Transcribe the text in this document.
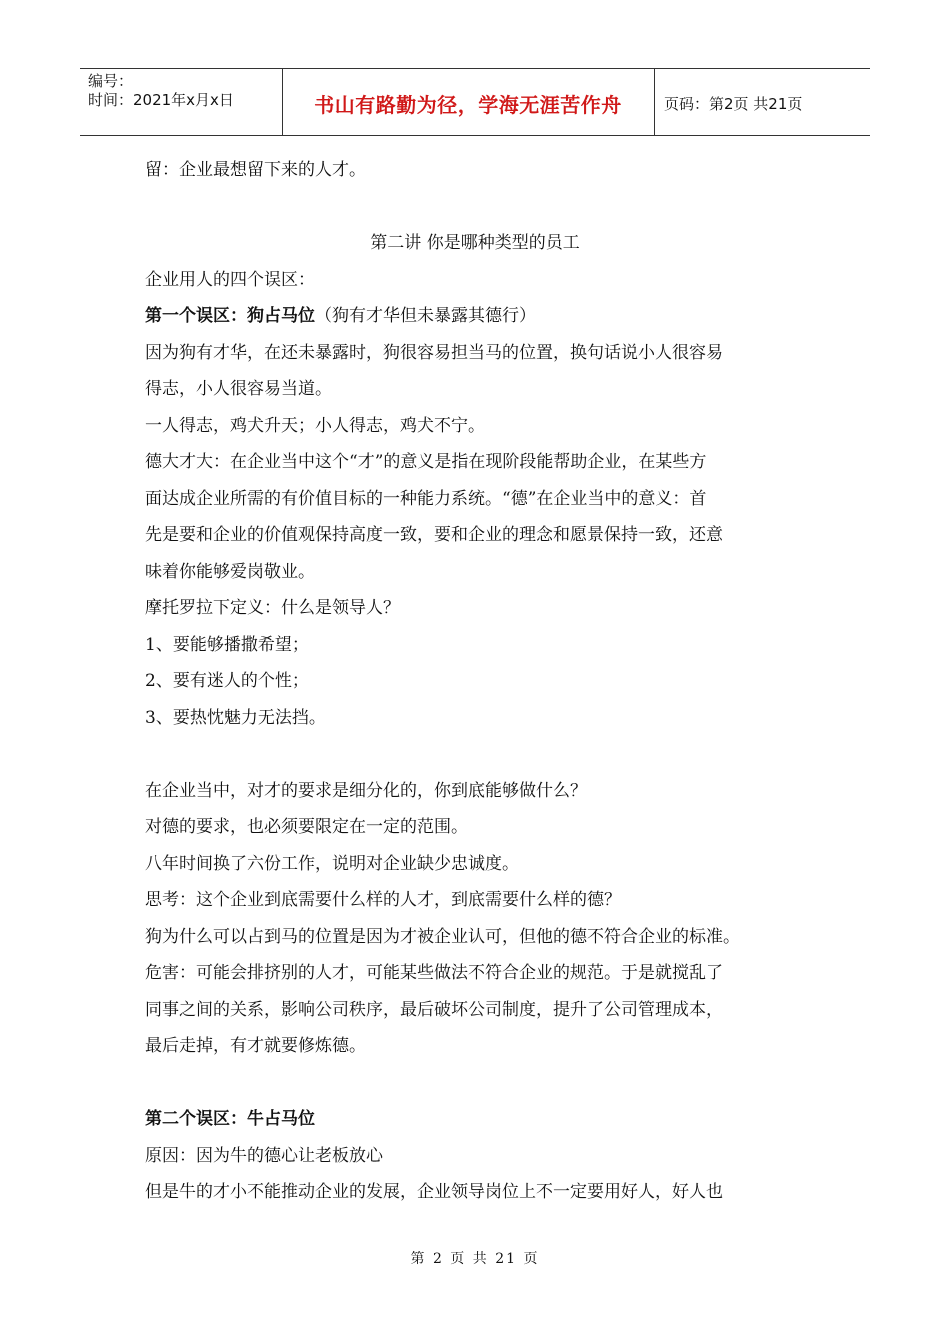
编号：
时间：2021年x月x日	书山有路勤为径，学海无涯苦作舟	页码：第2页 共21页
留：企业最想留下来的人才。
第二讲 你是哪种类型的员工
企业用人的四个误区：
第一个误区：狗占马位（狗有才华但未暴露其德行）
因为狗有才华，在还未暴露时，狗很容易担当马的位置，换句话说小人很容易
得志，小人很容易当道。
一人得志，鸡犬升天；小人得志，鸡犬不宁。
德大才大：在企业当中这个“才”的意义是指在现阶段能帮助企业，在某些方
面达成企业所需的有价值目标的一种能力系统。“德”在企业当中的意义：首
先是要和企业的价值观保持高度一致，要和企业的理念和愿景保持一致，还意
味着你能够爱岗敬业。
摩托罗拉下定义：什么是领导人？
1、要能够播撒希望；
2、要有迷人的个性；
3、要热忱魅力无法挡。
在企业当中，对才的要求是细分化的，你到底能够做什么？
对德的要求，也必须要限定在一定的范围。
八年时间换了六份工作，说明对企业缺少忠诚度。
思考：这个企业到底需要什么样的人才，到底需要什么样的德？
狗为什么可以占到马的位置是因为才被企业认可，但他的德不符合企业的标准。
危害：可能会排挤别的人才，可能某些做法不符合企业的规范。于是就搅乱了
同事之间的关系，影响公司秩序，最后破坏公司制度，提升了公司管理成本，
最后走掉，有才就要修炼德。
第二个误区：牛占马位
原因：因为牛的德心让老板放心
但是牛的才小不能推动企业的发展，企业领导岗位上不一定要用好人，好人也
第 2 页 共 21 页
